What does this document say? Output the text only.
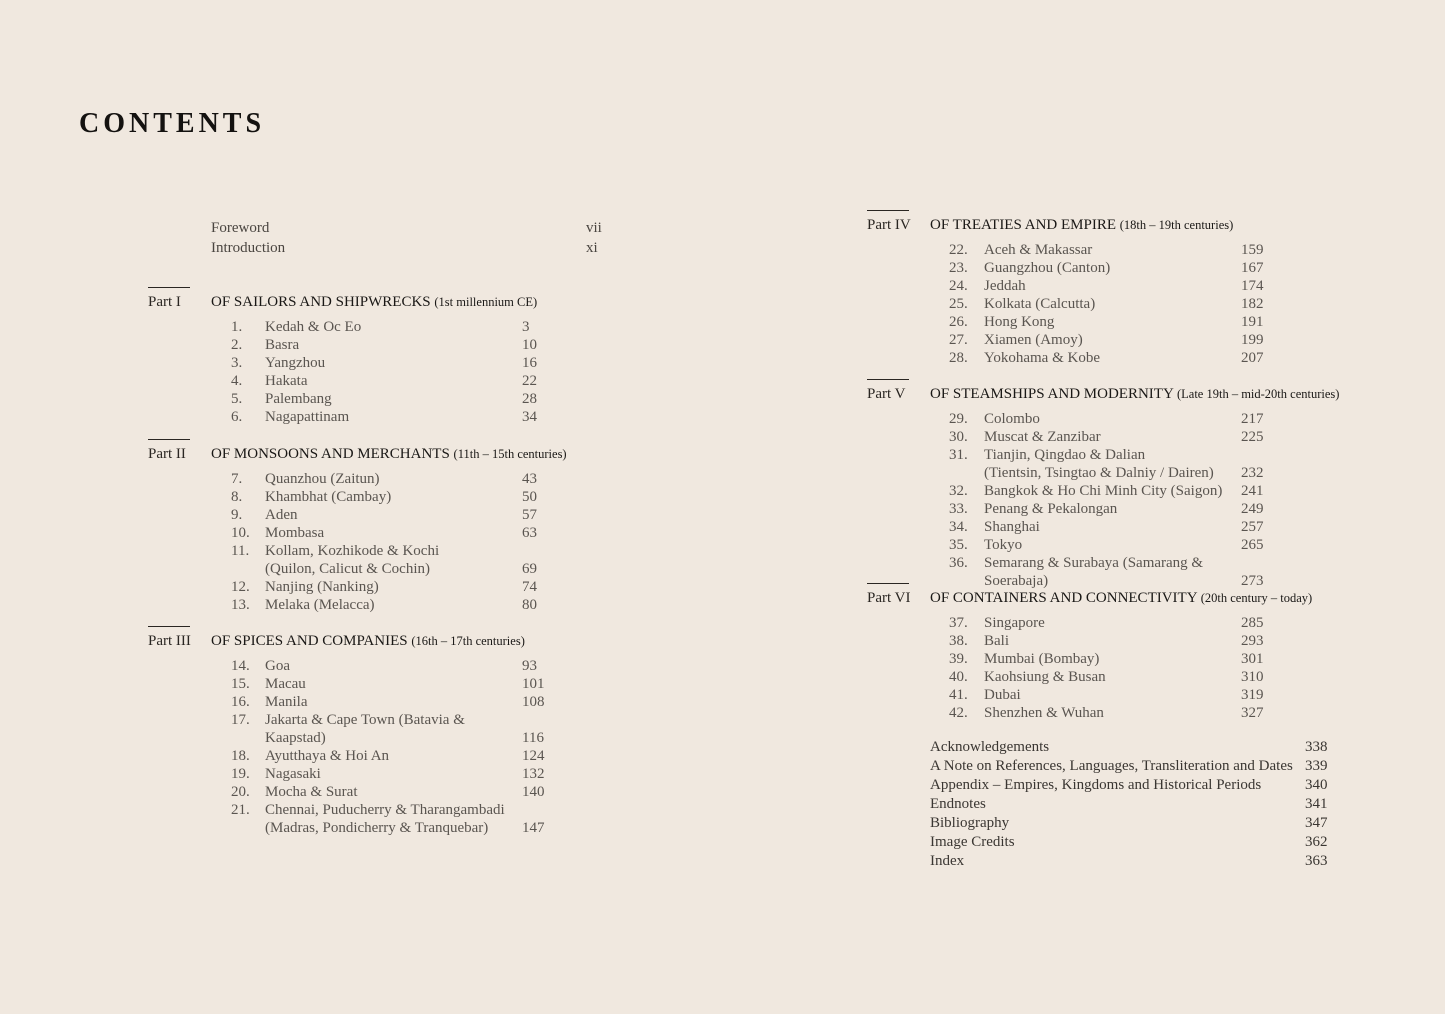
CONTENTS
Foreword	vii
Introduction	xi
Part I	OF SAILORS AND SHIPWRECKS (1st millennium CE)
1.	Kedah & Oc Eo	3
2.	Basra	10
3.	Yangzhou	16
4.	Hakata	22
5.	Palembang	28
6.	Nagapattinam	34
Part II	OF MONSOONS AND MERCHANTS (11th – 15th centuries)
7.	Quanzhou (Zaitun)	43
8.	Khambhat (Cambay)	50
9.	Aden	57
10.	Mombasa	63
11.	Kollam, Kozhikode & Kochi
(Quilon, Calicut & Cochin)	69
12.	Nanjing (Nanking)	74
13.	Melaka (Melacca)	80
Part III	OF SPICES AND COMPANIES (16th – 17th centuries)
14.	Goa	93
15.	Macau	101
16.	Manila	108
17.	Jakarta & Cape Town (Batavia & Kaapstad)	116
18.	Ayutthaya & Hoi An	124
19.	Nagasaki	132
20.	Mocha & Surat	140
21.	Chennai, Puducherry & Tharangambadi
(Madras, Pondicherry & Tranquebar)	147
Part IV	OF TREATIES AND EMPIRE (18th – 19th centuries)
22.	Aceh & Makassar	159
23.	Guangzhou (Canton)	167
24.	Jeddah	174
25.	Kolkata (Calcutta)	182
26.	Hong Kong	191
27.	Xiamen (Amoy)	199
28.	Yokohama & Kobe	207
Part V	OF STEAMSHIPS AND MODERNITY (Late 19th – mid-20th centuries)
29.	Colombo	217
30.	Muscat & Zanzibar	225
31.	Tianjin, Qingdao & Dalian
(Tientsin, Tsingtao & Dalniy / Dairen)	232
32.	Bangkok & Ho Chi Minh City (Saigon)	241
33.	Penang & Pekalongan	249
34.	Shanghai	257
35.	Tokyo	265
36.	Semarang & Surabaya (Samarang & Soerabaja)	273
Part VI	OF CONTAINERS AND CONNECTIVITY (20th century – today)
37.	Singapore	285
38.	Bali	293
39.	Mumbai (Bombay)	301
40.	Kaohsiung & Busan	310
41.	Dubai	319
42.	Shenzhen & Wuhan	327
Acknowledgements	338
A Note on References, Languages, Transliteration and Dates 339
Appendix – Empires, Kingdoms and Historical Periods	340
Endnotes	341
Bibliography	347
Image Credits	362
Index	363
